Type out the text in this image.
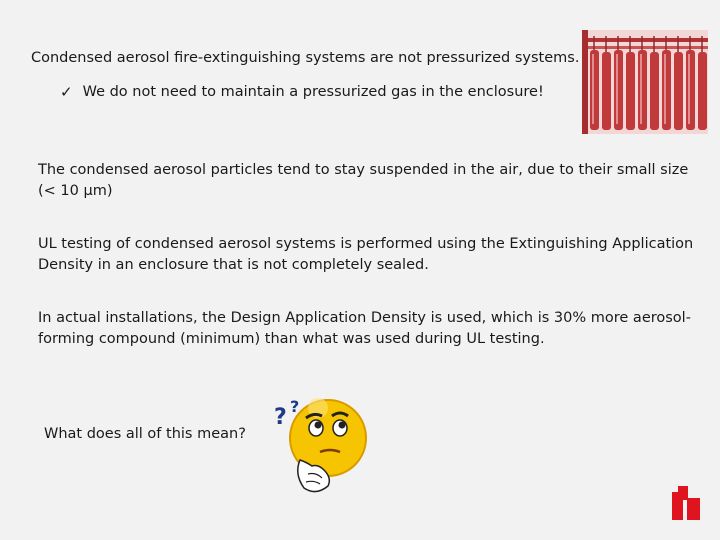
Condensed aerosol fire-extinguishing systems are not pressurized systems.
✓ We do not need to maintain a pressurized gas in the enclosure!
The condensed aerosol particles tend to stay suspended in the air, due to their small size (< 10 µm)
UL testing of condensed aerosol systems is performed using the Extinguishing Application Density in an enclosure that is not completely sealed.
In actual installations, the Design Application Density is used, which is 30% more aerosol-forming compound (minimum) than what was used during UL testing.
What does all of this mean?
? ?
